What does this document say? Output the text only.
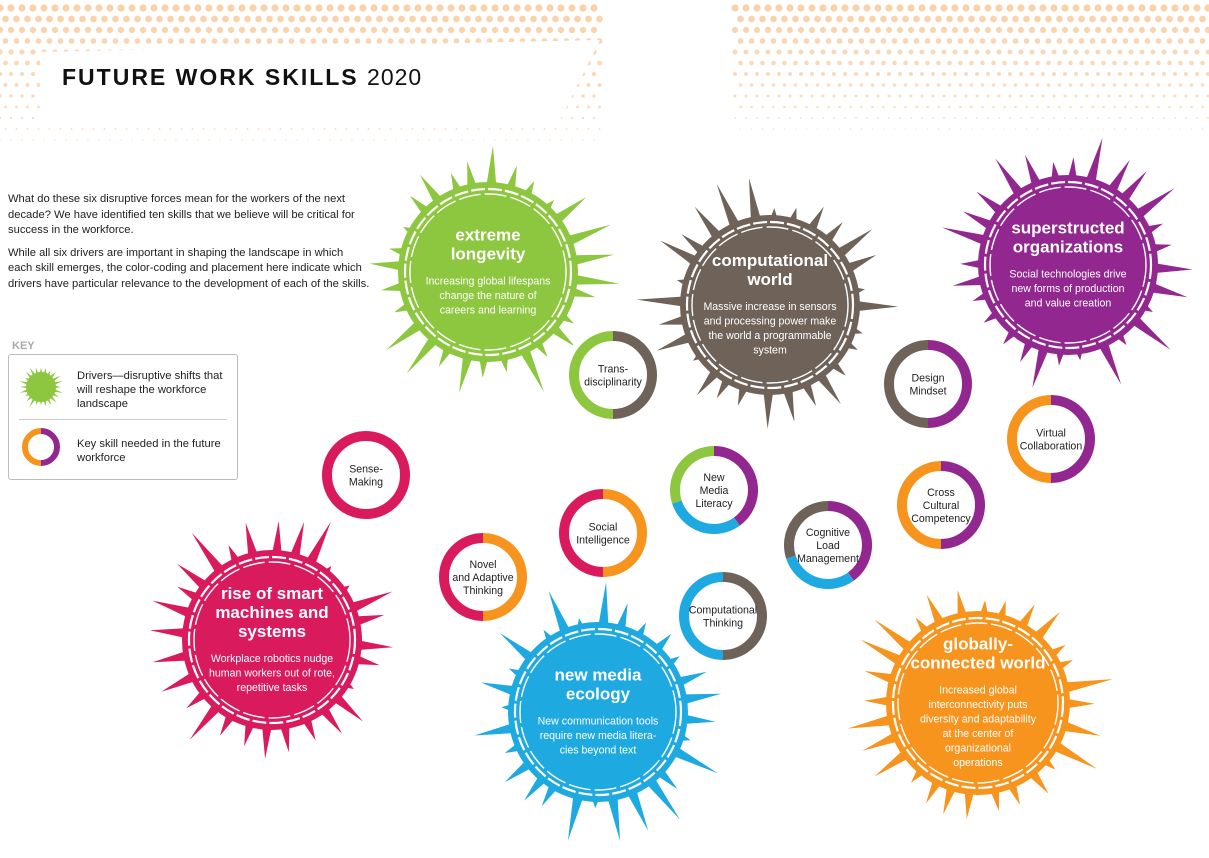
FUTURE WORK SKILLS 2020

What do these six disruptive forces mean for the workers of the next decade? We have identified ten skills that we believe will be critical for success in the workforce.

While all six drivers are important in shaping the landscape in which each skill emerges, the color-coding and placement here indicate which drivers have particular relevance to the development of each of the skills.

KEY
Drivers—disruptive shifts that will reshape the workforce landscape
Key skill needed in the future workforce
extreme
longevity
Increasing global lifespans
change the nature of
careers and learning
computational
world
Massive increase in sensors
and processing power make
the world a programmable
system
superstructed
organizations
Social technologies drive
new forms of production
and value creation
rise of smart
machines and
systems
Workplace robotics nudge
human workers out of rote,
repetitive tasks
new media
ecology
New communication tools
require new media litera-
cies beyond text
globally-
connected world
Increased global
interconnectivity puts
diversity and adaptability
at the center of
organizational
operations
Trans-
disciplinarity	Design
Mindset
Virtual
Collaboration
Sense-
Making	New
Media
Literacy
Social
Intelligence
Cognitive
Load
Management
Cross
Cultural
Competency
Novel
and Adaptive
Thinking
Computational
Thinking
